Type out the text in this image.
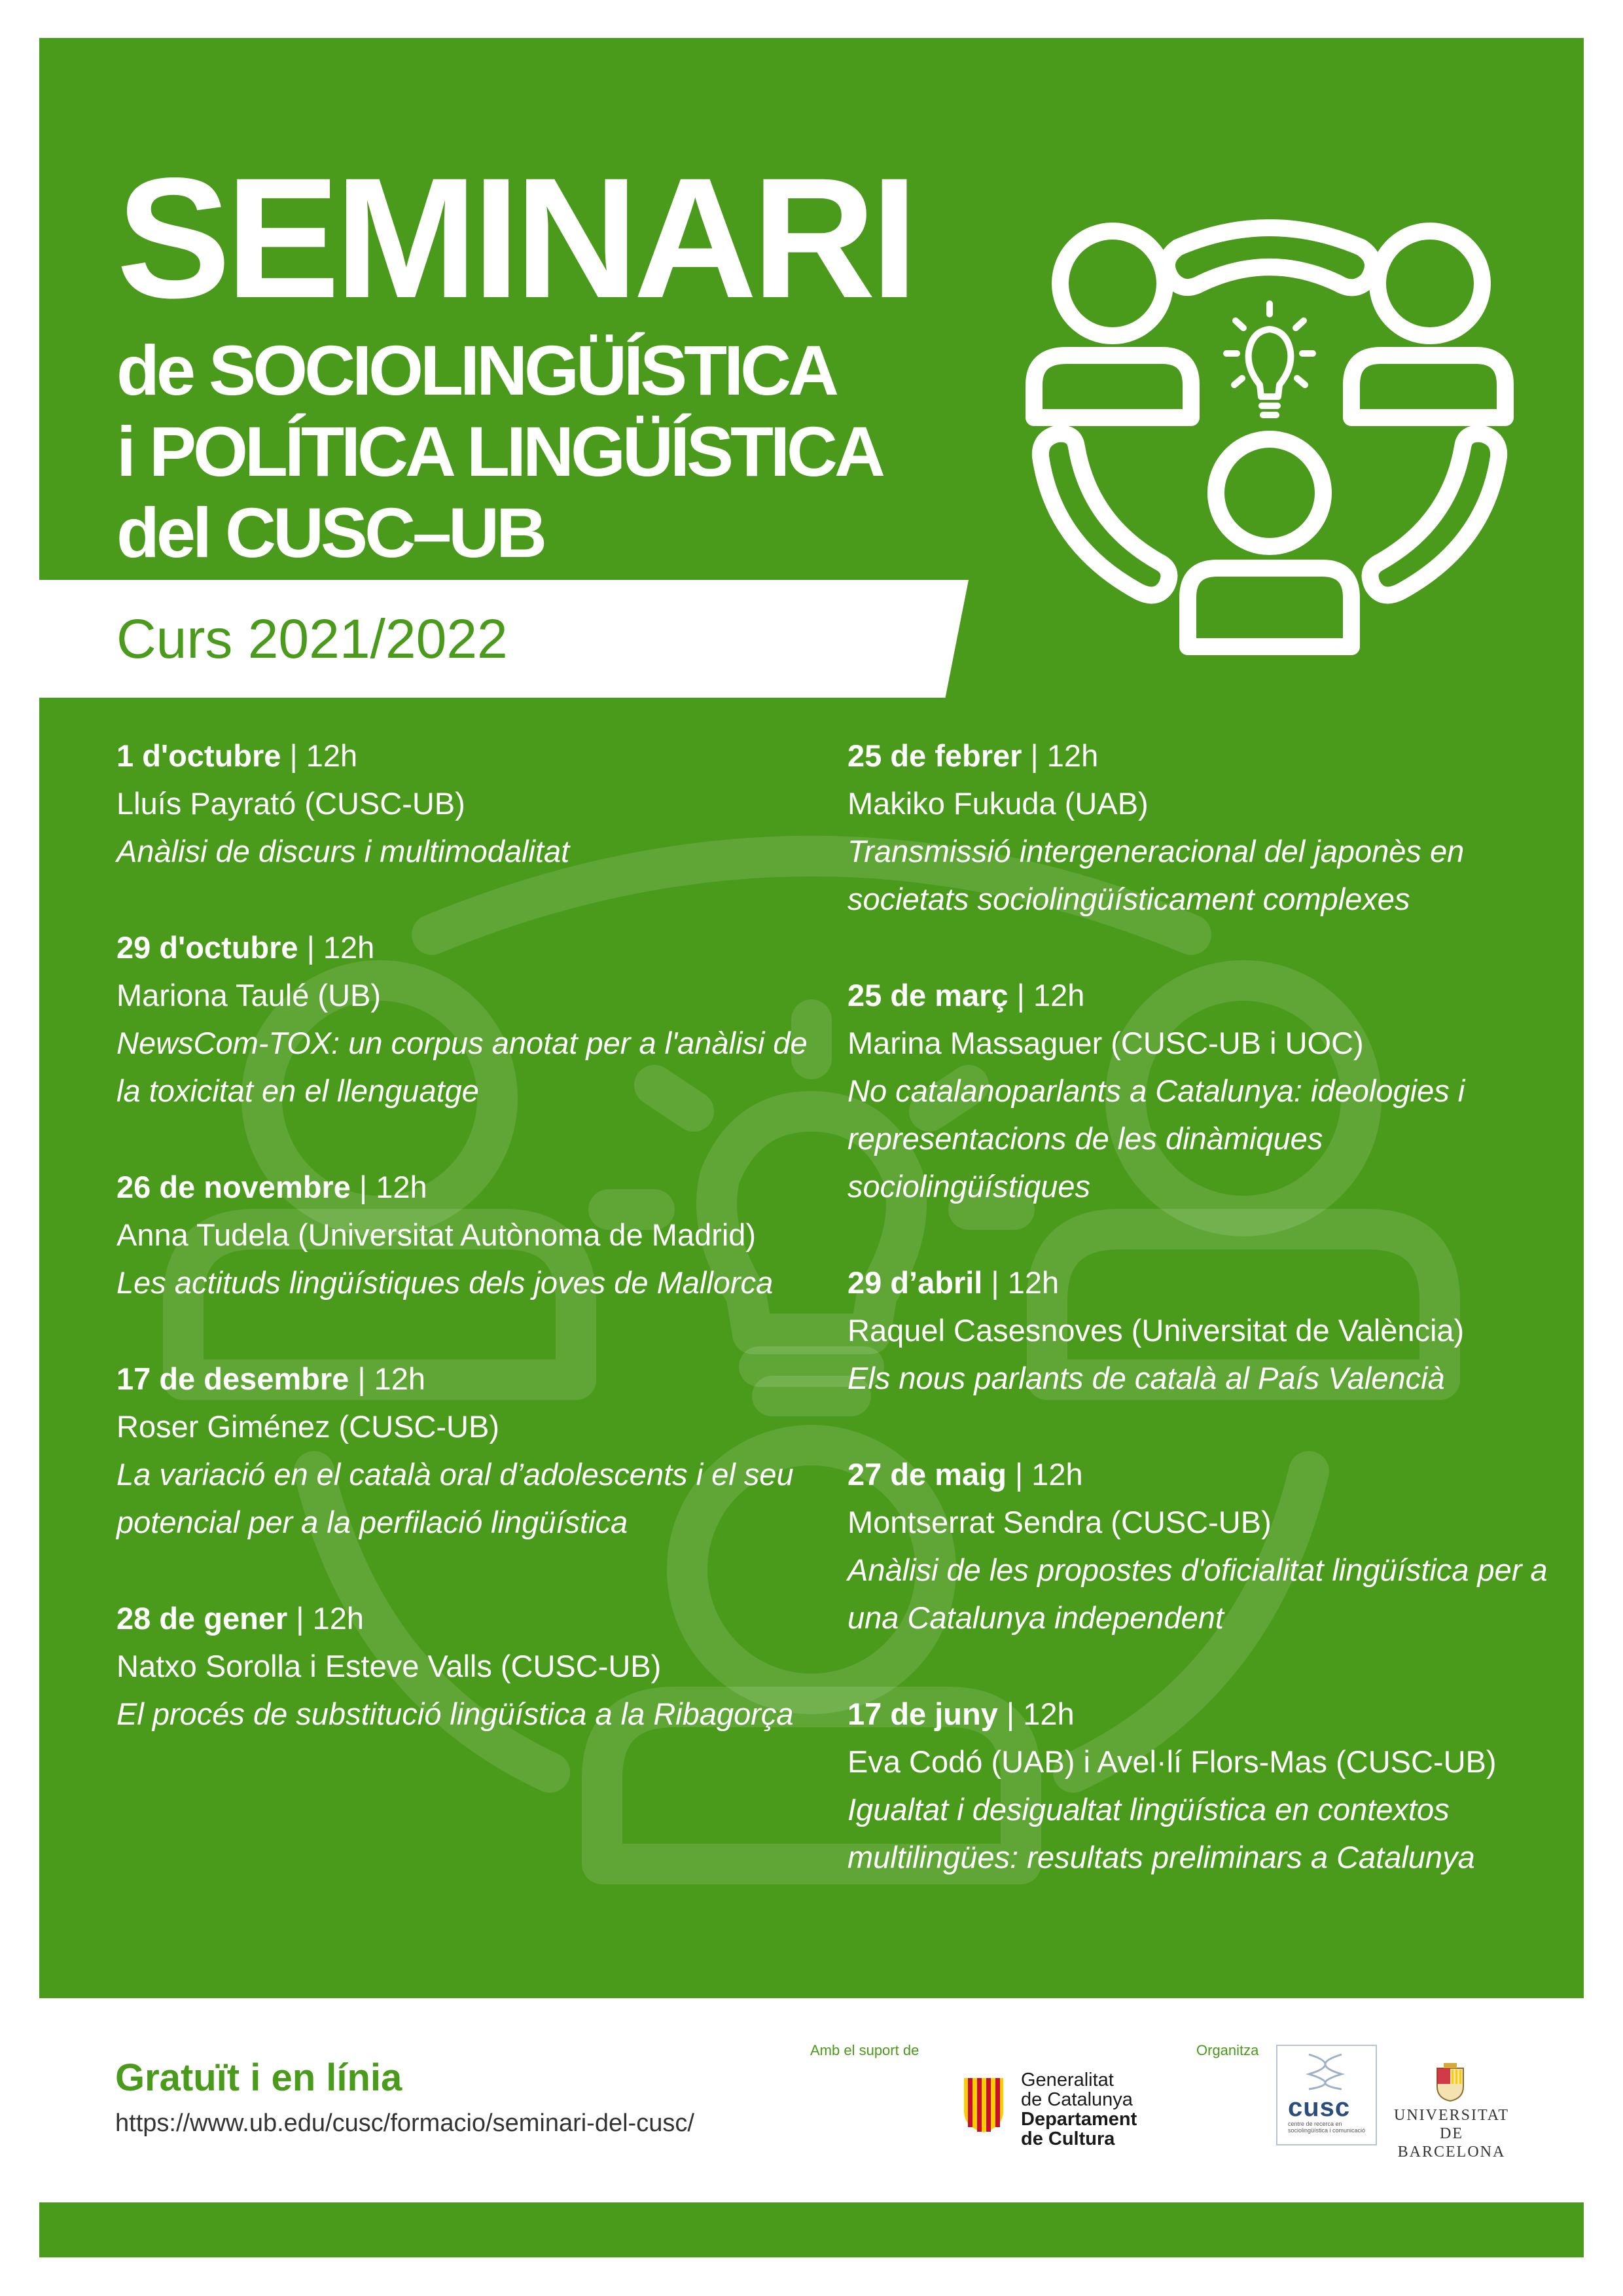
SEMINARI
de SOCIOLINGÜÍSTICA
i POLÍTICA LINGÜÍSTICA
del CUSC–UB
Curs 2021/2022
1 d'octubre | 12h
Lluís Payrató (CUSC-UB)
Anàlisi de discurs i multimodalitat
29 d'octubre | 12h
Mariona Taulé (UB)
NewsCom-TOX: un corpus anotat per a l'anàlisi de la toxicitat en el llenguatge
26 de novembre | 12h
Anna Tudela (Universitat Autònoma de Madrid)
Les actituds lingüístiques dels joves de Mallorca
17 de desembre | 12h
Roser Giménez (CUSC-UB)
La variació en el català oral d’adolescents i el seu potencial per a la perfilació lingüística
28 de gener | 12h
Natxo Sorolla i Esteve Valls (CUSC-UB)
El procés de substitució lingüística a la Ribagorça
25 de febrer | 12h
Makiko Fukuda (UAB)
Transmissió intergeneracional del japonès en societats sociolingüísticament complexes
25 de març | 12h
Marina Massaguer (CUSC-UB i UOC)
No catalanoparlants a Catalunya: ideologies i representacions de les dinàmiques sociolingüístiques
29 d’abril | 12h
Raquel Casesnoves (Universitat de València)
Els nous parlants de català al País Valencià
27 de maig | 12h
Montserrat Sendra (CUSC-UB)
Anàlisi de les propostes d'oficialitat lingüística per a una Catalunya independent
17 de juny | 12h
Eva Codó (UAB) i Avel·lí Flors-Mas (CUSC-UB)
Igualtat i desigualtat lingüística en contextos multilingües: resultats preliminars a Catalunya
Gratuït i en línia
https://www.ub.edu/cusc/formacio/seminari-del-cusc/
Amb el suport de	Organitza
Generalitat
de Catalunya
Departament
de Cultura
cusc
centre de recerca en sociolingüística i comunicació
UNIVERSITAT DE
BARCELONA
